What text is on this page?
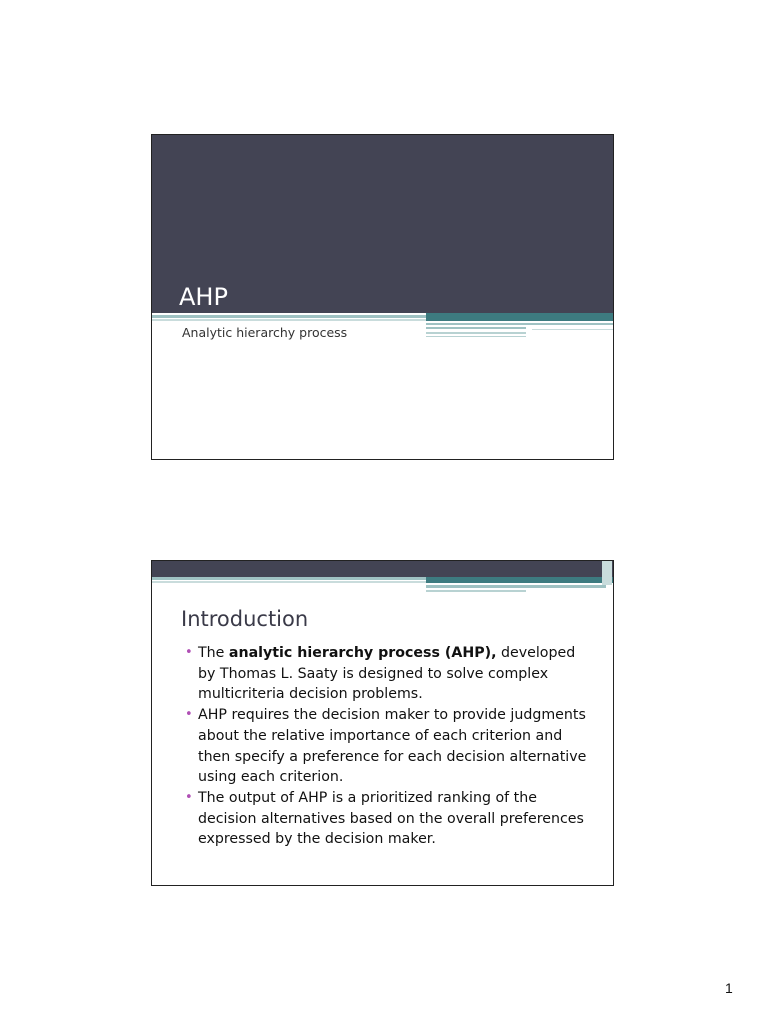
AHP
Analytic hierarchy process
Introduction
• The analytic hierarchy process (AHP), developed by Thomas L. Saaty is designed to solve complex multicriteria decision problems.
• AHP requires the decision maker to provide judgments about the relative importance of each criterion and then specify a preference for each decision alternative using each criterion.
• The output of AHP is a prioritized ranking of the decision alternatives based on the overall preferences expressed by the decision maker.
1
